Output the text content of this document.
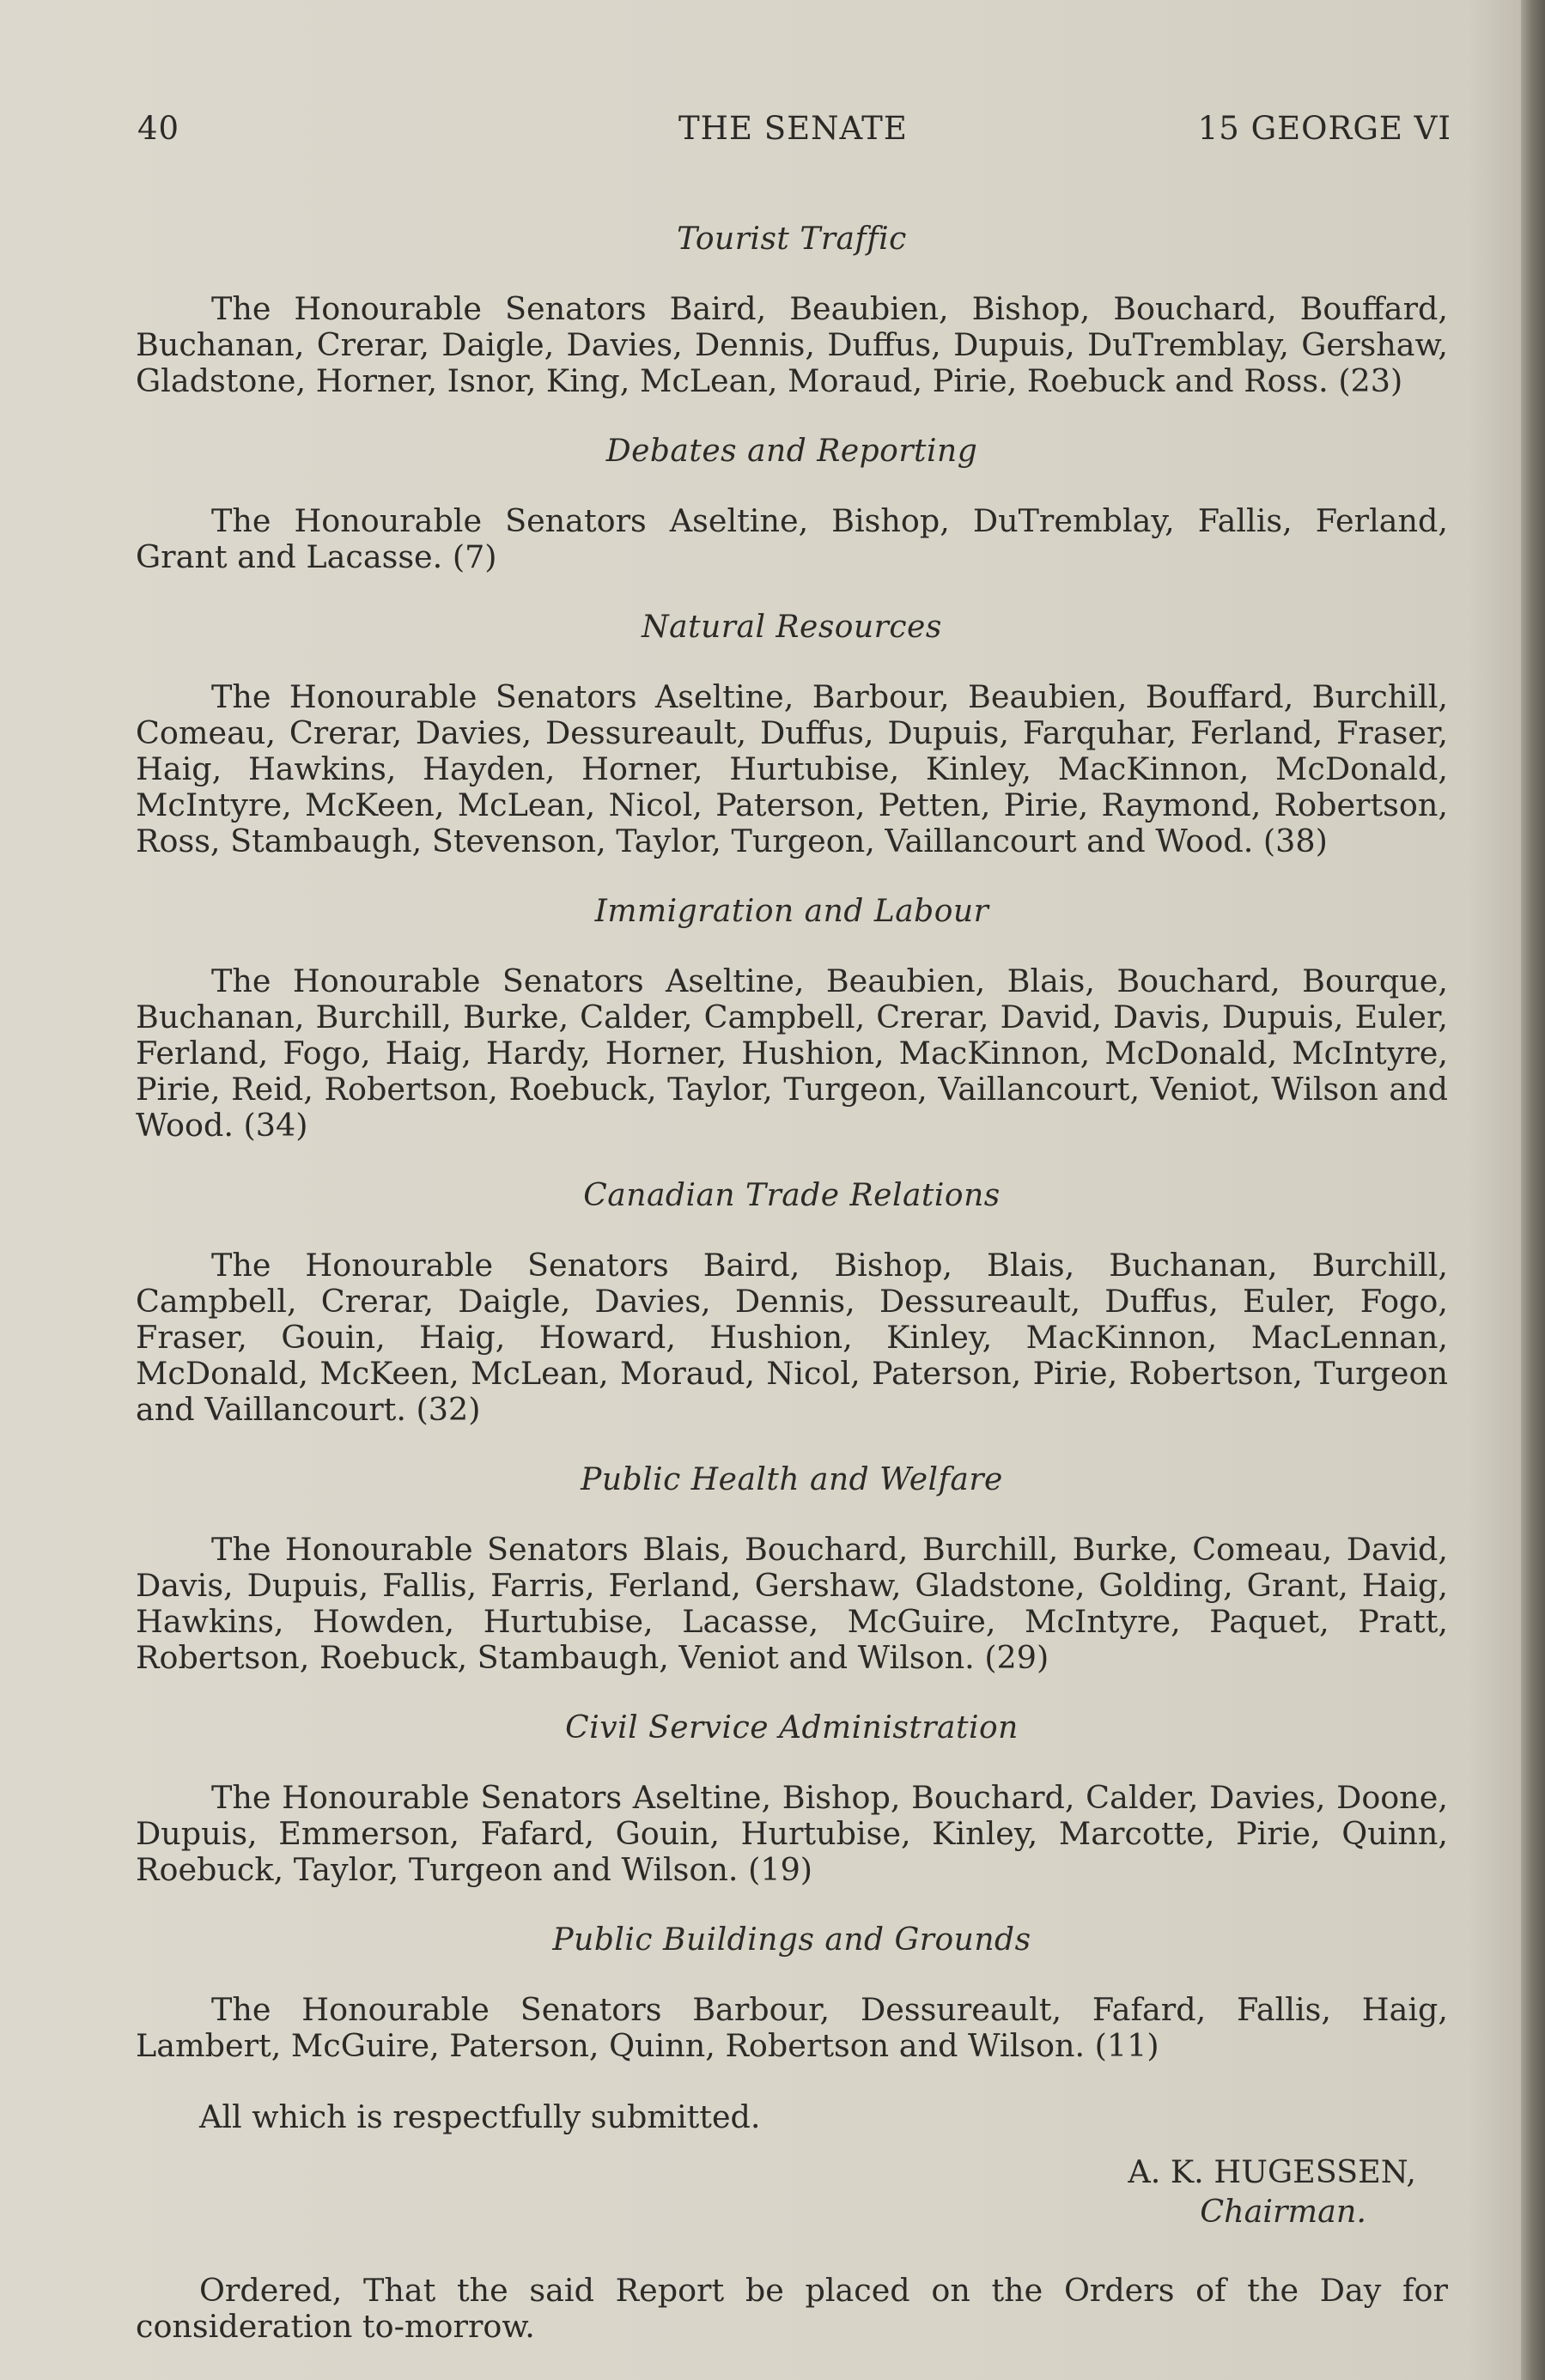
40	THE SENATE	15 GEORGE VI

Tourist Traffic

The Honourable Senators Baird, Beaubien, Bishop, Bouchard, Bouffard, Buchanan, Crerar, Daigle, Davies, Dennis, Duffus, Dupuis, DuTremblay, Gershaw, Gladstone, Horner, Isnor, King, McLean, Moraud, Pirie, Roebuck and Ross. (23)

Debates and Reporting

The Honourable Senators Aseltine, Bishop, DuTremblay, Fallis, Ferland, Grant and Lacasse. (7)

Natural Resources

The Honourable Senators Aseltine, Barbour, Beaubien, Bouffard, Burchill, Comeau, Crerar, Davies, Dessureault, Duffus, Dupuis, Farquhar, Ferland, Fraser, Haig, Hawkins, Hayden, Horner, Hurtubise, Kinley, MacKinnon, McDonald, McIntyre, McKeen, McLean, Nicol, Paterson, Petten, Pirie, Raymond, Robertson, Ross, Stambaugh, Stevenson, Taylor, Turgeon, Vaillancourt and Wood. (38)

Immigration and Labour

The Honourable Senators Aseltine, Beaubien, Blais, Bouchard, Bourque, Buchanan, Burchill, Burke, Calder, Campbell, Crerar, David, Davis, Dupuis, Euler, Ferland, Fogo, Haig, Hardy, Horner, Hushion, MacKinnon, McDonald, McIntyre, Pirie, Reid, Robertson, Roebuck, Taylor, Turgeon, Vaillancourt, Veniot, Wilson and Wood. (34)

Canadian Trade Relations

The Honourable Senators Baird, Bishop, Blais, Buchanan, Burchill, Campbell, Crerar, Daigle, Davies, Dennis, Dessureault, Duffus, Euler, Fogo, Fraser, Gouin, Haig, Howard, Hushion, Kinley, MacKinnon, MacLennan, McDonald, McKeen, McLean, Moraud, Nicol, Paterson, Pirie, Robertson, Turgeon and Vaillancourt. (32)

Public Health and Welfare

The Honourable Senators Blais, Bouchard, Burchill, Burke, Comeau, David, Davis, Dupuis, Fallis, Farris, Ferland, Gershaw, Gladstone, Golding, Grant, Haig, Hawkins, Howden, Hurtubise, Lacasse, McGuire, McIntyre, Paquet, Pratt, Robertson, Roebuck, Stambaugh, Veniot and Wilson. (29)

Civil Service Administration

The Honourable Senators Aseltine, Bishop, Bouchard, Calder, Davies, Doone, Dupuis, Emmerson, Fafard, Gouin, Hurtubise, Kinley, Marcotte, Pirie, Quinn, Roebuck, Taylor, Turgeon and Wilson. (19)

Public Buildings and Grounds

The Honourable Senators Barbour, Dessureault, Fafard, Fallis, Haig, Lambert, McGuire, Paterson, Quinn, Robertson and Wilson. (11)

All which is respectfully submitted.

A. K. HUGESSEN,
Chairman.

Ordered, That the said Report be placed on the Orders of the Day for consideration to-morrow.
